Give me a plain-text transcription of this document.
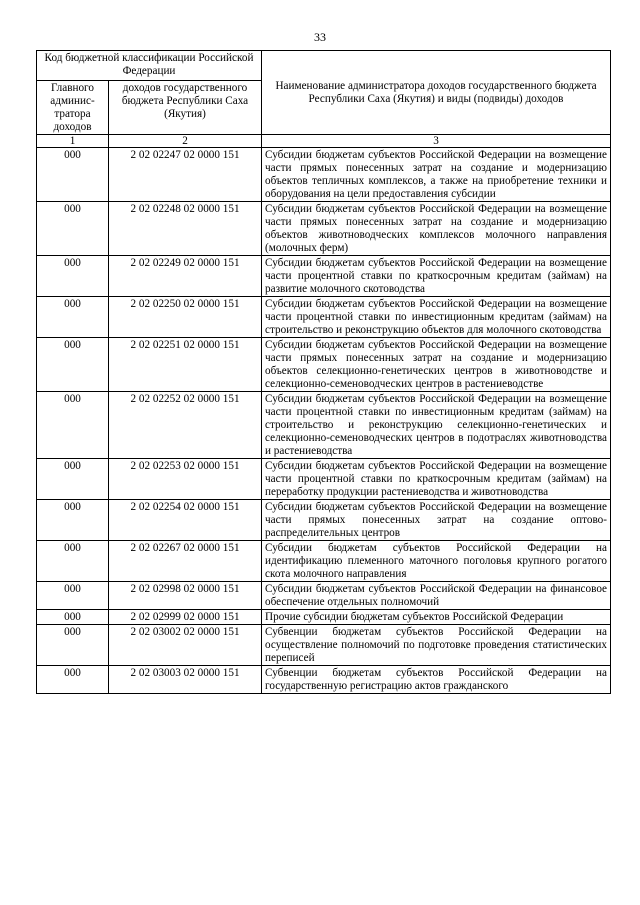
33
Код бюджетной классификации Российской Федерации		Наименование администратора доходов государственного бюджета Республики Саха (Якутия) и виды (подвиды) доходов
Главного админис-тратора доходов	доходов государственного бюджета Республики Саха (Якутия)	
1	2	3
000	2 02 02247 02 0000 151	Субсидии бюджетам субъектов Российской Федерации на возмещение части прямых понесенных затрат на создание и модернизацию объектов тепличных комплексов, а также на приобретение техники и оборудования на цели предоставления субсидии
000	2 02 02248 02 0000 151	Субсидии бюджетам субъектов Российской Федерации на возмещение части прямых понесенных затрат на создание и модернизацию объектов животноводческих комплексов молочного направления (молочных ферм)
000	2 02 02249 02 0000 151	Субсидии бюджетам субъектов Российской Федерации на возмещение части процентной ставки по краткосрочным кредитам (займам) на развитие молочного скотоводства
000	2 02 02250 02 0000 151	Субсидии бюджетам субъектов Российской Федерации на возмещение части процентной ставки по инвестиционным кредитам (займам) на строительство и реконструкцию объектов для молочного скотоводства
000	2 02 02251 02 0000 151	Субсидии бюджетам субъектов Российской Федерации на возмещение части прямых понесенных затрат на создание и модернизацию объектов селекционно-генетических центров в животноводстве и селекционно-семеноводческих центров в растениеводстве
000	2 02 02252 02 0000 151	Субсидии бюджетам субъектов Российской Федерации на возмещение части процентной ставки по инвестиционным кредитам (займам) на строительство и реконструкцию селекционно-генетических и селекционно-семеноводческих центров в подотраслях животноводства и растениеводства
000	2 02 02253 02 0000 151	Субсидии бюджетам субъектов Российской Федерации на возмещение части процентной ставки по краткосрочным кредитам (займам) на переработку продукции растениеводства и животноводства
000	2 02 02254 02 0000 151	Субсидии бюджетам субъектов Российской Федерации на возмещение части прямых понесенных затрат на создание оптово-распределительных центров
000	2 02 02267 02 0000 151	Субсидии бюджетам субъектов Российской Федерации на идентификацию племенного маточного поголовья крупного рогатого скота молочного направления
000	2 02 02998 02 0000 151	Субсидии бюджетам субъектов Российской Федерации на финансовое обеспечение отдельных полномочий
000	2 02 02999 02 0000 151	Прочие субсидии бюджетам субъектов Российской Федерации
000	2 02 03002 02 0000 151	Субвенции бюджетам субъектов Российской Федерации на осуществление полномочий по подготовке проведения статистических переписей
000	2 02 03003 02 0000 151	Субвенции бюджетам субъектов Российской Федерации на государственную регистрацию актов гражданского
